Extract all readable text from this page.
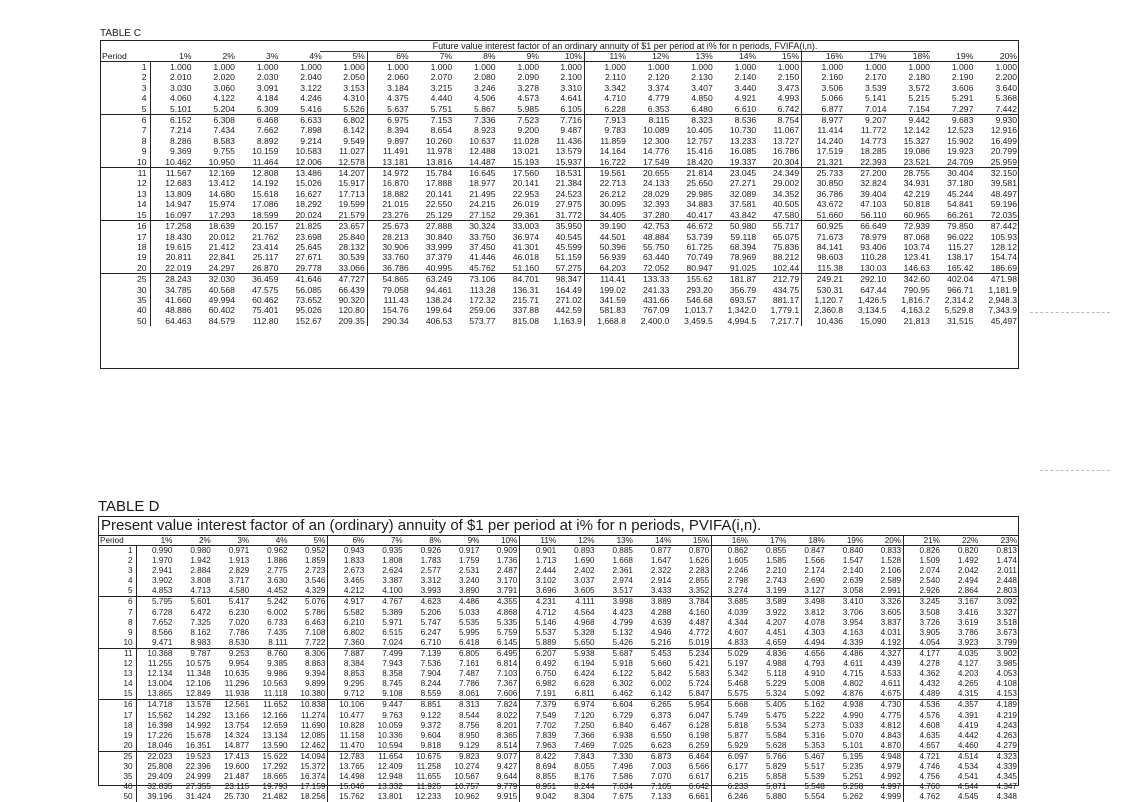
TABLE C
Future value interest factor of an ordinary annuity of $1 per period at i% for n periods, FVIFA(i,n).
Period	1%	2%	3%	4%	5%	6%	7%	8%	9%	10%	11%	12%	13%	14%	15%	16%	17%	18%	19%	20%
1	1.000	1.000	1.000	1.000	1.000	1.000	1.000	1.000	1.000	1.000	1.000	1.000	1.000	1.000	1.000	1.000	1.000	1.000	1.000	1.000
2	2.010	2.020	2.030	2.040	2.050	2.060	2.070	2.080	2.090	2.100	2.110	2.120	2.130	2.140	2.150	2.160	2.170	2.180	2.190	2.200
3	3.030	3.060	3.091	3.122	3.153	3.184	3.215	3.246	3.278	3.310	3.342	3.374	3.407	3.440	3.473	3.506	3.539	3.572	3.606	3.640
4	4.060	4.122	4.184	4.246	4.310	4.375	4.440	4.506	4.573	4.641	4.710	4.779	4.850	4.921	4.993	5.066	5.141	5.215	5.291	5.368
5	5.101	5.204	5.309	5.416	5.526	5.637	5.751	5.867	5.985	6.105	6.228	6.353	6.480	6.610	6.742	6.877	7.014	7.154	7.297	7.442
6	6.152	6.308	6.468	6.633	6.802	6.975	7.153	7.336	7.523	7.716	7.913	8.115	8.323	8.536	8.754	8.977	9.207	9.442	9.683	9.930
7	7.214	7.434	7.662	7.898	8.142	8.394	8.654	8.923	9.200	9.487	9.783	10.089	10.405	10.730	11.067	11.414	11.772	12.142	12.523	12.916
8	8.286	8.583	8.892	9.214	9.549	9.897	10.260	10.637	11.028	11.436	11.859	12.300	12.757	13.233	13.727	14.240	14.773	15.327	15.902	16.499
9	9.369	9.755	10.159	10.583	11.027	11.491	11.978	12.488	13.021	13.579	14.164	14.776	15.416	16.085	16.786	17.519	18.285	19.086	19.923	20.799
10	10.462	10.950	11.464	12.006	12.578	13.181	13.816	14.487	15.193	15.937	16.722	17.549	18.420	19.337	20.304	21.321	22.393	23.521	24.709	25.959
11	11.567	12.169	12.808	13.486	14.207	14.972	15.784	16.645	17.560	18.531	19.561	20.655	21.814	23.045	24.349	25.733	27.200	28.755	30.404	32.150
12	12.683	13.412	14.192	15.026	15.917	16.870	17.888	18.977	20.141	21.384	22.713	24.133	25.650	27.271	29.002	30.850	32.824	34.931	37.180	39.581
13	13.809	14.680	15.618	16.627	17.713	18.882	20.141	21.495	22.953	24.523	26.212	28.029	29.985	32.089	34.352	36.786	39.404	42.219	45.244	48.497
14	14.947	15.974	17.086	18.292	19.599	21.015	22.550	24.215	26.019	27.975	30.095	32.393	34.883	37.581	40.505	43.672	47.103	50.818	54.841	59.196
15	16.097	17.293	18.599	20.024	21.579	23.276	25.129	27.152	29.361	31.772	34.405	37.280	40.417	43.842	47.580	51.660	56.110	60.965	66.261	72.035
16	17.258	18.639	20.157	21.825	23.657	25.673	27.888	30.324	33.003	35.950	39.190	42.753	46.672	50.980	55.717	60.925	66.649	72.939	79.850	87.442
17	18.430	20.012	21.762	23.698	25.840	28.213	30.840	33.750	36.974	40.545	44.501	48.884	53.739	59.118	65.075	71.673	78.979	87.068	96.022	105.93
18	19.615	21.412	23.414	25.645	28.132	30.906	33.999	37.450	41.301	45.599	50.396	55.750	61.725	68.394	75.836	84.141	93.406	103.74	115.27	128.12
19	20.811	22.841	25.117	27.671	30.539	33.760	37.379	41.446	46.018	51.159	56.939	63.440	70.749	78.969	88.212	98.603	110.28	123.41	138.17	154.74
20	22.019	24.297	26.870	29.778	33.066	36.786	40.995	45.762	51.160	57.275	64.203	72.052	80.947	91.025	102.44	115.38	130.03	146.63	165.42	186.69
25	28.243	32.030	36.459	41.646	47.727	54.865	63.249	73.106	84.701	98.347	114.41	133.33	155.62	181.87	212.79	249.21	292.10	342.60	402.04	471.98
30	34.785	40.568	47.575	56.085	66.439	79.058	94.461	113.28	136.31	164.49	199.02	241.33	293.20	356.79	434.75	530.31	647.44	790.95	966.71	1,181.9
35	41.660	49.994	60.462	73.652	90.320	111.43	138.24	172.32	215.71	271.02	341.59	431.66	546.68	693.57	881.17	1,120.7	1,426.5	1,816.7	2,314.2	2,948.3
40	48.886	60.402	75.401	95.026	120.80	154.76	199.64	259.06	337.88	442.59	581.83	767.09	1,013.7	1,342.0	1,779.1	2,360.8	3,134.5	4,163.2	5,529.8	7,343.9
50	64.463	84.579	112.80	152.67	209.35	290.34	406.53	573.77	815.08	1,163.9	1,668.8	2,400.0	3,459.5	4,994.5	7,217.7	10,436	15,090	21,813	31,515	45,497
TABLE D
Present value interest factor of an (ordinary) annuity of $1 per period at i% for n periods, PVIFA(i,n).
Period	1%	2%	3%	4%	5%	6%	7%	8%	9%	10%	11%	12%	13%	14%	15%	16%	17%	18%	19%	20%	21%	22%	23%
1	0.990	0.980	0.971	0.962	0.952	0.943	0.935	0.926	0.917	0.909	0.901	0.893	0.885	0.877	0.870	0.862	0.855	0.847	0.840	0.833	0.826	0.820	0.813
2	1.970	1.942	1.913	1.886	1.859	1.833	1.808	1.783	1.759	1.736	1.713	1.690	1.668	1.647	1.626	1.605	1.585	1.566	1.547	1.528	1.509	1.492	1.474
3	2.941	2.884	2.829	2.775	2.723	2.673	2.624	2.577	2.531	2.487	2.444	2.402	2.361	2.322	2.283	2.246	2.210	2.174	2.140	2.106	2.074	2.042	2.011
4	3.902	3.808	3.717	3.630	3.546	3.465	3.387	3.312	3.240	3.170	3.102	3.037	2.974	2.914	2.855	2.798	2.743	2.690	2.639	2.589	2.540	2.494	2.448
5	4.853	4.713	4.580	4.452	4.329	4.212	4.100	3.993	3.890	3.791	3.696	3.605	3.517	3.433	3.352	3.274	3.199	3.127	3.058	2.991	2.926	2.864	2.803
6	5.795	5.601	5.417	5.242	5.076	4.917	4.767	4.623	4.486	4.355	4.231	4.111	3.998	3.889	3.784	3.685	3.589	3.498	3.410	3.326	3.245	3.167	3.092
7	6.728	6.472	6.230	6.002	5.786	5.582	5.389	5.206	5.033	4.868	4.712	4.564	4.423	4.288	4.160	4.039	3.922	3.812	3.706	3.605	3.508	3.416	3.327
8	7.652	7.325	7.020	6.733	6.463	6.210	5.971	5.747	5.535	5.335	5.146	4.968	4.799	4.639	4.487	4.344	4.207	4.078	3.954	3.837	3.726	3.619	3.518
9	8.566	8.162	7.786	7.435	7.108	6.802	6.515	6.247	5.995	5.759	5.537	5.328	5.132	4.946	4.772	4.607	4.451	4.303	4.163	4.031	3.905	3.786	3.673
10	9.471	8.983	8.530	8.111	7.722	7.360	7.024	6.710	6.418	6.145	5.889	5.650	5.426	5.216	5.019	4.833	4.659	4.494	4.339	4.192	4.054	3.923	3.799
11	10.368	9.787	9.253	8.760	8.306	7.887	7.499	7.139	6.805	6.495	6.207	5.938	5.687	5.453	5.234	5.029	4.836	4.656	4.486	4.327	4.177	4.035	3.902
12	11.255	10.575	9.954	9.385	8.863	8.384	7.943	7.536	7.161	6.814	6.492	6.194	5.918	5.660	5.421	5.197	4.988	4.793	4.611	4.439	4.278	4.127	3.985
13	12.134	11.348	10.635	9.986	9.394	8.853	8.358	7.904	7.487	7.103	6.750	6.424	6.122	5.842	5.583	5.342	5.118	4.910	4.715	4.533	4.362	4.203	4.053
14	13.004	12.106	11.296	10.563	9.899	9.295	8.745	8.244	7.786	7.367	6.982	6.628	6.302	6.002	5.724	5.468	5.229	5.008	4.802	4.611	4.432	4.265	4.108
15	13.865	12.849	11.938	11.118	10.380	9.712	9.108	8.559	8.061	7.606	7.191	6.811	6.462	6.142	5.847	5.575	5.324	5.092	4.876	4.675	4.489	4.315	4.153
16	14.718	13.578	12.561	11.652	10.838	10.106	9.447	8.851	8.313	7.824	7.379	6.974	6.604	6.265	5.954	5.668	5.405	5.162	4.938	4.730	4.536	4.357	4.189
17	15.562	14.292	13.166	12.166	11.274	10.477	9.763	9.122	8.544	8.022	7.549	7.120	6.729	6.373	6.047	5.749	5.475	5.222	4.990	4.775	4.576	4.391	4.219
18	16.398	14.992	13.754	12.659	11.690	10.828	10.059	9.372	8.756	8.201	7.702	7.250	6.840	6.467	6.128	5.818	5.534	5.273	5.033	4.812	4.608	4.419	4.243
19	17.226	15.678	14.324	13.134	12.085	11.158	10.336	9.604	8.950	8.365	7.839	7.366	6.938	6.550	6.198	5.877	5.584	5.316	5.070	4.843	4.635	4.442	4.263
20	18.046	16.351	14.877	13.590	12.462	11.470	10.594	9.818	9.129	8.514	7.963	7.469	7.025	6.623	6.259	5.929	5.628	5.353	5.101	4.870	4.657	4.460	4.279
25	22.023	19.523	17.413	15.622	14.094	12.783	11.654	10.675	9.823	9.077	8.422	7.843	7.330	6.873	6.464	6.097	5.766	5.467	5.195	4.948	4.721	4.514	4.323
30	25.808	22.396	19.600	17.292	15.372	13.765	12.409	11.258	10.274	9.427	8.694	8.055	7.496	7.003	6.566	6.177	5.829	5.517	5.235	4.979	4.746	4.534	4.339
35	29.409	24.999	21.487	18.665	16.374	14.498	12.948	11.655	10.567	9.644	8.855	8.176	7.586	7.070	6.617	6.215	5.858	5.539	5.251	4.992	4.756	4.541	4.345
40	32.835	27.355	23.115	19.793	17.159	15.046	13.332	11.925	10.757	9.779	8.951	8.244	7.634	7.105	6.642	6.233	5.871	5.548	5.258	4.997	4.760	4.544	4.347
50	39.196	31.424	25.730	21.482	18.256	15.762	13.801	12.233	10.962	9.915	9.042	8.304	7.675	7.133	6.661	6.246	5.880	5.554	5.262	4.999	4.762	4.545	4.348
